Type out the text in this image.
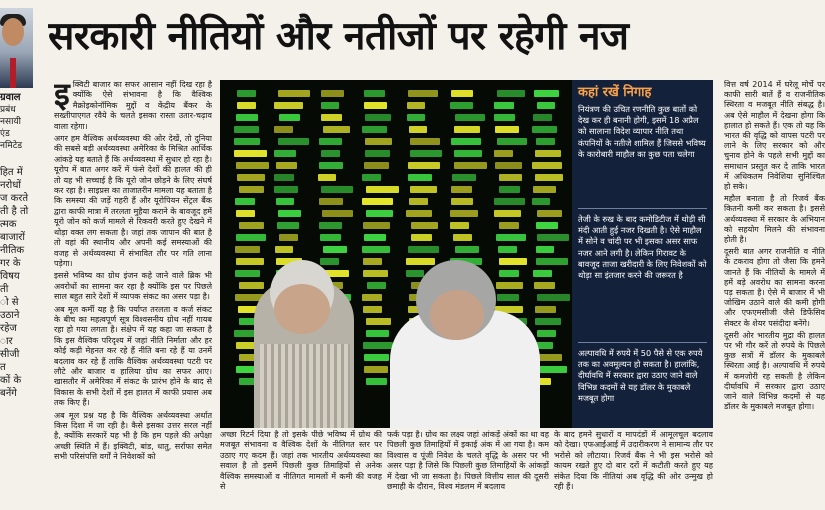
सरकारी नीतियों और नतीजों पर रहेगी नज

ग्रवाल

प्रबंध

नसायी

एंड

नमिटेड

हित में

नरोधों

ज करते

ती है तो

त्मक

बाजारों

नीतिक

गर के

विषय

ती

ो से

उठाने

रहेज

ार

सीजी

त

कों के

बनेंगे

इ क्विटी बाजार का सफर आसान नहीं दिख रहा है क्योंकि ऐसे संभावना है कि वैश्विक मैक्रोइकोनॉमिक मुद्दों व केंद्रीय बैंकर के सख्तीपाएगत रवैये के चलते इसका रास्ता उतार-चढ़ाव वाला रहेगा।

अगर हम वैश्विक अर्थव्यवस्था की ओर देखें, तो दुनिया की सबसे बड़ी अर्थव्यवस्था अमेरिका के मिश्रित आर्थिक आंकड़े यह बताते हैं कि अर्थव्यवस्था में सुधार हो रहा है। यूरोप में बात अगर करें में फंसे देशों की हालत की ही तो यह भी सच्चाई है कि यूरो जोन छोड़ने के लिए संघर्ष कर रहा है। साइप्रस का ताजातरीन मामला यह बताता है कि समस्या की जड़ें गहरी हैं और यूरोपियन सेंट्रल बैंक द्वारा काफी मात्रा में तरलता मुहैया कराने के बावजूद हमें यूरो जोन को कर्ज मामले से रिकवरी करते हुए देखने में थोड़ा वक्त लग सकता है। जहां तक जापान की बात है तो वहां की स्थानीय और अपनी कई समस्याओं की वजह से अर्थव्यवस्था में संभावित तौर पर गति लाना पड़ेगा।

इससे भविष्य का ग्रोथ इंजन कहे जाने वाले ब्रिक भी अवरोधों का सामना कर रहा है क्योंकि इस पर पिछले साल बहुत सारे देशों में व्यापक संकट का असर पड़ा है।

अब मूल कर्मी यह है कि पर्याप्त तरलता व कर्ज संकट के बीच का महत्वपूर्ण सूत्र विश्वसनीय ग्रोथ नहीं गायब रहा हो गया लगता है। संक्षेप में यह कहा जा सकता है कि इस वैश्विक परिदृश्य में जहां नीति निर्माता और हर कोई कड़ी मेहनत कर रहे हैं नीति बना रहे हैं या उनमें बदलाव कर रहे हैं ताकि वैश्विक अर्थव्यवस्था पटरी पर लौटे और बाजार व हालिया ग्रोथ का सफर आए। खासतौर में अमेरिका में संकट के प्रारंभ होने के बाद से विकास के सभी देशों में इस हालत में काफी प्रयास अब तक किए हैं।

अब मूल प्रश्न यह है कि वैश्विक अर्थव्यवस्था अर्थात किस दिशा में जा रही है। कैसे इसका उत्तर सरल नहीं है, क्योंकि सरकारें यह भी है कि हम पहले की अपेक्षा अच्छी स्थिति में हैं। इक्विटी, बांड, धातु, सर्राफा समेत सभी परिसंपत्ति वर्गों ने निवेशकों को

कहां रखें निगाह
नियंत्रण की उचित रणनीति कुछ बातों को देख कर ही बनानी होगी, इसमें 18 अप्रैल को सालाना विदेश व्यापार नीति तथा कंपनियों के नतीजे शामिल हैं जिससे भविष्य के कारोबारी माहौल का कुछ पता चलेगा
तेजी के रुख के बाद कमोडिटीज में थोड़ी सी मंदी आती हुई नजर दिखती है। ऐसे माहौल में सोने व चांदी पर भी इसका असर साफ नजर आने लगी है। लेकिन गिरावट के बावजूद ताजा खरीदारी के लिए निवेशकों को थोड़ा सा इंतजार करने की जरूरत है
अल्पावधि में रुपये में 50 पैसे से एक रुपये तक का अवमूल्यन हो सकता है। हालांकि, दीर्घावधि में सरकार द्वारा उठाए जाने वाले विभिन्न कदमों से यह डॉलर के मुकाबले मजबूत होगा

अच्छा रिटर्न दिया है तो इसके पीछे भविष्य में ग्रोथ की मजबूत संभावना व वैश्विक देशों के नीतिगत स्तर पर उठाए गए कदम हैं। जहां तक भारतीय अर्थव्यवस्था का सवाल है तो इसमें पिछली कुछ तिमाहियों से अनेक वैश्विक समस्याओं व नीतिगत मामलों में कमी की वजह से

फर्क पड़ा है। ग्रोथ का लक्ष्य जहां आंकड़ें अंकों का था वह पिछली कुछ तिमाहियों में इकाई अंक में आ गया है। कम विश्वास व पूंजी निवेश के चलते वृद्धि के असर पर भी असर पड़ा है जिसे कि पिछली कुछ तिमाहियों के आंकड़ों में देखा भी जा सकता है। पिछले वित्तीय साल की दूसरी छमाही के दौरान, विश्व मंडलम में बदलाव

के बाद हमने सुधारों व मापदंडों में आमूलचूल बदलाव को देखा। एफआईआई में उदारीकरण ने सामान्य तौर पर भरोसे को लौटाया। रिजर्व बैंक ने भी इस भरोसे को कायम रखते हुए दो बार दरों में कटौती करते हुए यह संकेत दिया कि नीतियां अब वृद्धि की ओर उन्मुख हो रही हैं।

वित्त वर्ष 2014 में घरेलू मोर्चे पर काफी सारी बातें हैं व राजनीतिक स्थिरता व मजबूत नीति संबद्ध है। अब ऐसे माहौल में देखना होगा कि हालात हो सकते हैं। एक तो यह कि भारत की वृद्धि को वापस पटरी पर लाने के लिए सरकार को और चुनाव होने के पहले सभी मुद्दों का समाधान प्रस्तुत कर दे ताकि भारत में अधिकतम निवेशिया सुनिश्चित हो सके।

महौल बनाता है तो रिजर्व बैंक कितनी कमी कर सकता है। इससे अर्थव्यवस्था में सरकार के अभियान को सहयोग मिलने की संभावना होती है।

दूसरी बात अगर राजनीति व नीति के टकराव होगा तो जैसा कि हमने जानते हैं कि नीतियों के मामले में हमें बड़े अवरोध का सामना करना पड़ सकता है। ऐसे में बाजार में भी जोखिम उठाने वाले की कमी होगी और एफएमसीजी जैसे डिफेंसिव सेक्टर के शेयर पसंदीदा बनेंगे।

दूसरी ओर भारतीय मुद्रा की हालत पर भी गौर करें तो रुपये के पिछले कुछ सत्रों में डॉलर के मुकाबले स्थिरता आई है। अल्पावधि में रुपये में कमजोरी रह सकती है लेकिन दीर्घावधि में सरकार द्वारा उठाए जाने वाले विभिन्न कदमों से यह डॉलर के मुकाबले मजबूत होगा।
